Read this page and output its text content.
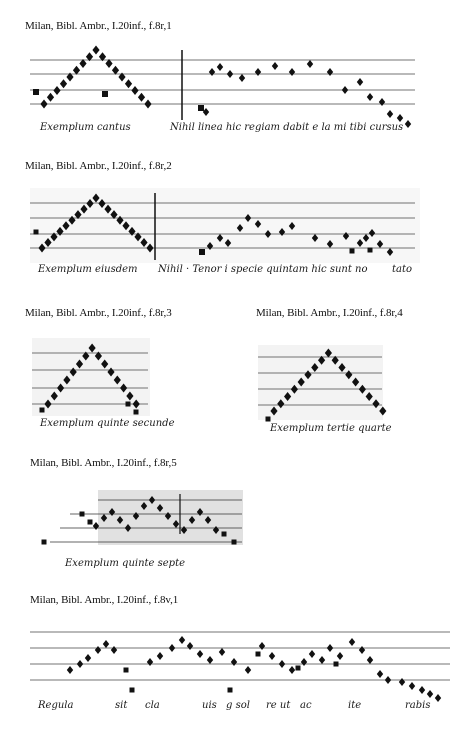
Milan, Bibl. Ambr., I.20inf., f.8r,1
Milan, Bibl. Ambr., I.20inf., f.8r,2
Milan, Bibl. Ambr., I.20inf., f.8r,3	Milan, Bibl. Ambr., I.20inf., f.8r,4
Milan, Bibl. Ambr., I.20inf., f.8r,5
Milan, Bibl. Ambr., I.20inf., f.8v,1
Exemplum cantus	Nihil linea hic regiam dabit e la mi tibi cursus
Exemplum eiusdem Nihil · Tenor i specie quintam hic sunt no tato
Exemplum quinte secunde	Exemplum tertie quarte
Exemplum quinte septe
Regula	sit cla	uis g sol re ut ac	ite	rabis
